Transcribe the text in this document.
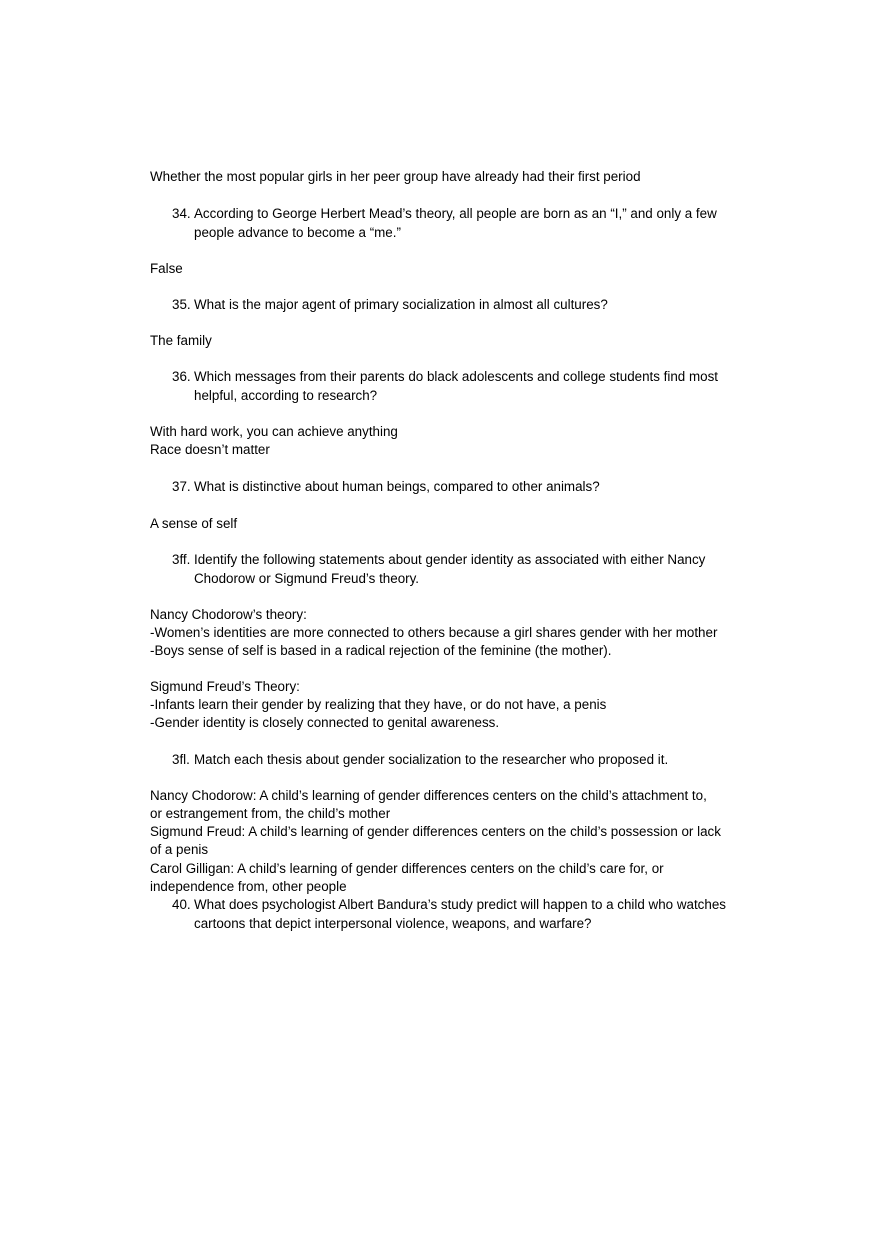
Whether the most popular girls in her peer group have already had their first period
34. According to George Herbert Mead’s theory, all people are born as an “I,” and only a few people advance to become a “me.”
False
35. What is the major agent of primary socialization in almost all cultures?
The family
36. Which messages from their parents do black adolescents and college students find most helpful, according to research?
With hard work, you can achieve anything
Race doesn’t matter
37. What is distinctive about human beings, compared to other animals?
A sense of self
3ff. Identify the following statements about gender identity as associated with either Nancy Chodorow or Sigmund Freud’s theory.
Nancy Chodorow’s theory:
-Women’s identities are more connected to others because a girl shares gender with her mother
-Boys sense of self is based in a radical rejection of the feminine (the mother).
Sigmund Freud’s Theory:
-Infants learn their gender by realizing that they have, or do not have, a penis
-Gender identity is closely connected to genital awareness.
3fl. Match each thesis about gender socialization to the researcher who proposed it.
Nancy Chodorow: A child’s learning of gender differences centers on the child’s attachment to,
or estrangement from, the child’s mother
Sigmund Freud: A child’s learning of gender differences centers on the child’s possession or lack
of a penis
Carol Gilligan: A child’s learning of gender differences centers on the child’s care for, or
independence from, other people
40. What does psychologist Albert Bandura’s study predict will happen to a child who watches cartoons that depict interpersonal violence, weapons, and warfare?
